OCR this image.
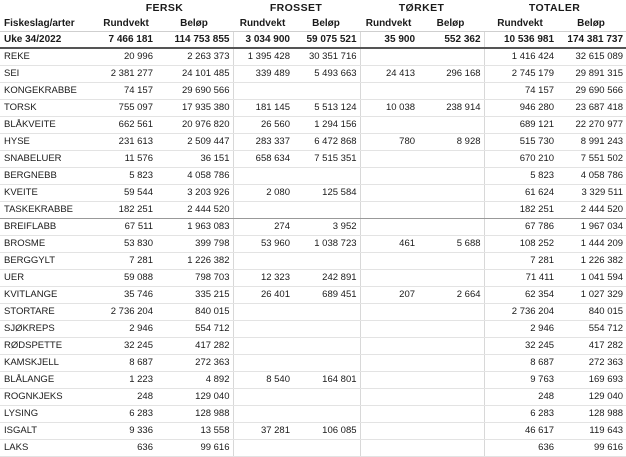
	FERSK		FROSSET		TØRKET		TOTALER	
Fiskeslag/arter	Rundvekt	Beløp	Rundvekt	Beløp	Rundvekt	Beløp	Rundvekt	Beløp
Uke 34/2022	7 466 181	114 753 855	3 034 900	59 075 521	35 900	552 362	10 536 981	174 381 737
REKE	20 996	2 263 373	1 395 428	30 351 716			1 416 424	32 615 089
SEI	2 381 277	24 101 485	339 489	5 493 663	24 413	296 168	2 745 179	29 891 315
KONGEKRABBE	74 157	29 690 566					74 157	29 690 566
TORSK	755 097	17 935 380	181 145	5 513 124	10 038	238 914	946 280	23 687 418
BLÅKVEITE	662 561	20 976 820	26 560	1 294 156			689 121	22 270 977
HYSE	231 613	2 509 447	283 337	6 472 868	780	8 928	515 730	8 991 243
SNABELUER	11 576	36 151	658 634	7 515 351			670 210	7 551 502
BERGNEBB	5 823	4 058 786					5 823	4 058 786
KVEITE	59 544	3 203 926	2 080	125 584			61 624	3 329 511
TASKEKRABBE	182 251	2 444 520					182 251	2 444 520
BREIFLABB	67 511	1 963 083	274	3 952			67 786	1 967 034
BROSME	53 830	399 798	53 960	1 038 723	461	5 688	108 252	1 444 209
BERGGYLT	7 281	1 226 382					7 281	1 226 382
UER	59 088	798 703	12 323	242 891			71 411	1 041 594
KVITLANGE	35 746	335 215	26 401	689 451	207	2 664	62 354	1 027 329
STORTARE	2 736 204	840 015					2 736 204	840 015
SJØKREPS	2 946	554 712					2 946	554 712
RØDSPETTE	32 245	417 282					32 245	417 282
KAMSKJELL	8 687	272 363					8 687	272 363
BLÅLANGE	1 223	4 892	8 540	164 801			9 763	169 693
ROGNKJEKS	248	129 040					248	129 040
LYSING	6 283	128 988					6 283	128 988
ISGALT	9 336	13 558	37 281	106 085			46 617	119 643
LAKS	636	99 616					636	99 616
